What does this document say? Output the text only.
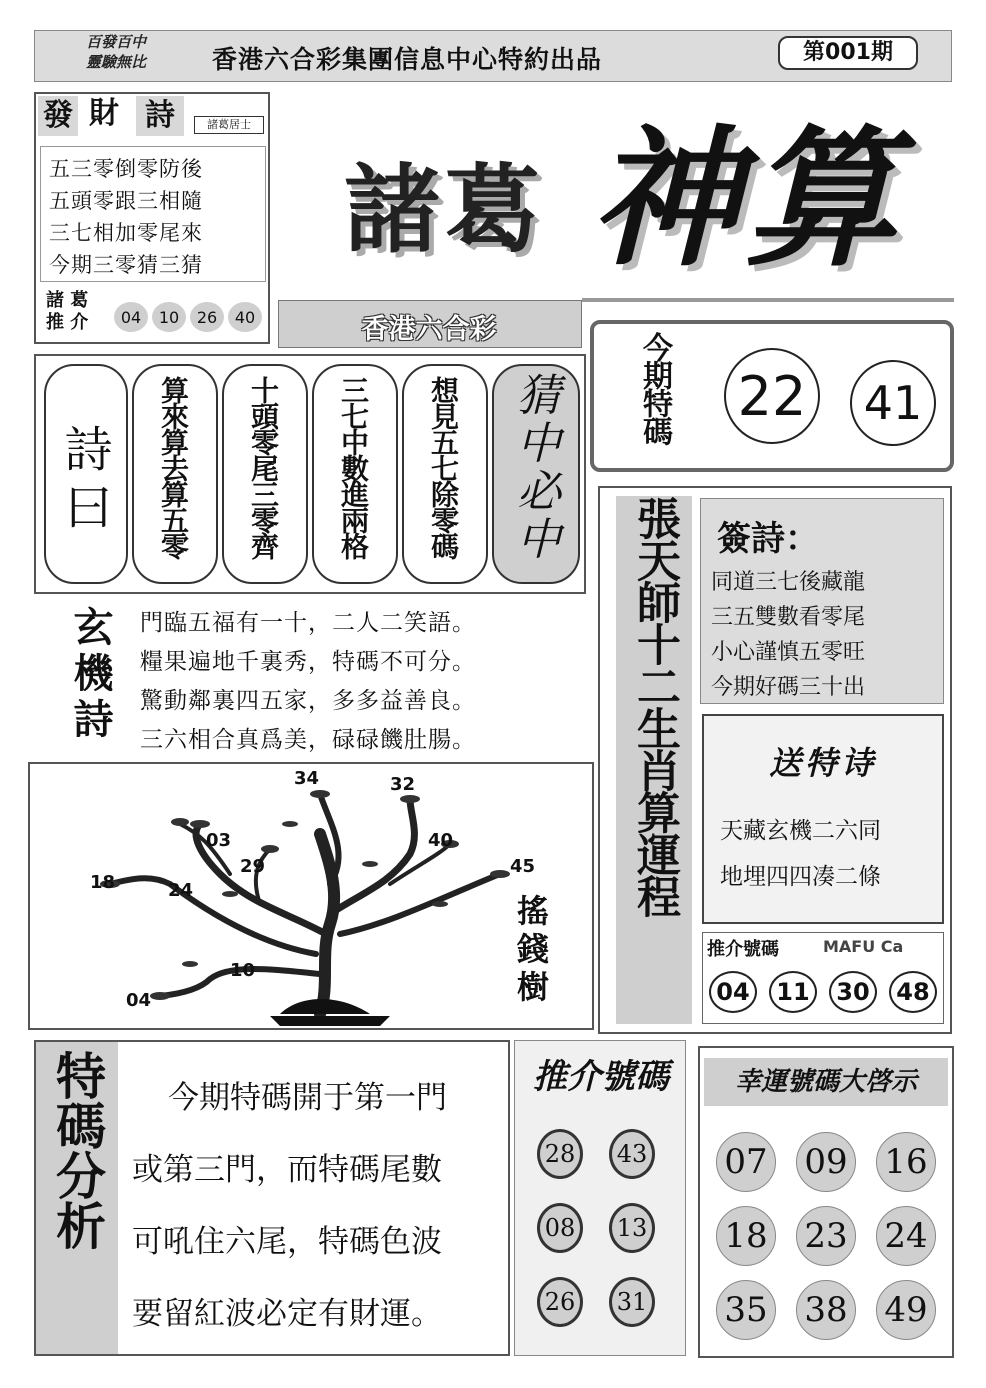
百發百中
靈驗無比	香港六合彩集團信息中心特約出品	第001期
發 財 詩	諸葛居士
五三零倒零防後
五頭零跟三相隨
三七相加零尾來
今期三零猜三猜
諸 葛
推 介	04	10	26	40
諸葛 神算
香港六合彩
今期特碼 22 41
詩曰	算來算去算五零	十頭零尾三零齊	三七中數進兩格	想見五七除零碼	猜中必中
玄機詩	門臨五福有一十，二人二笑語。
糧果遍地千裏秀，特碼不可分。
驚動鄰裏四五家，多多益善良。
三六相合真爲美，碌碌饑肚腸。
34	32
03	40
29	45
18	24
10
04	搖錢樹
張天師十二生肖算運程	簽詩：
同道三七後藏龍
三五雙數看零尾
小心謹慎五零旺
今期好碼三十出
送特诗
天藏玄機二六同
地埋四四凑二條
推介號碼	MAFU Ca
04	11	30	48
特碼分析	今期特碼開于第一門
或第三門，而特碼尾數
可吼住六尾，特碼色波
要留紅波必定有財運。
推介號碼
28	43
08	13
26	31
幸運號碼大啓示
07 09 16
18 23 24
35 38 49
